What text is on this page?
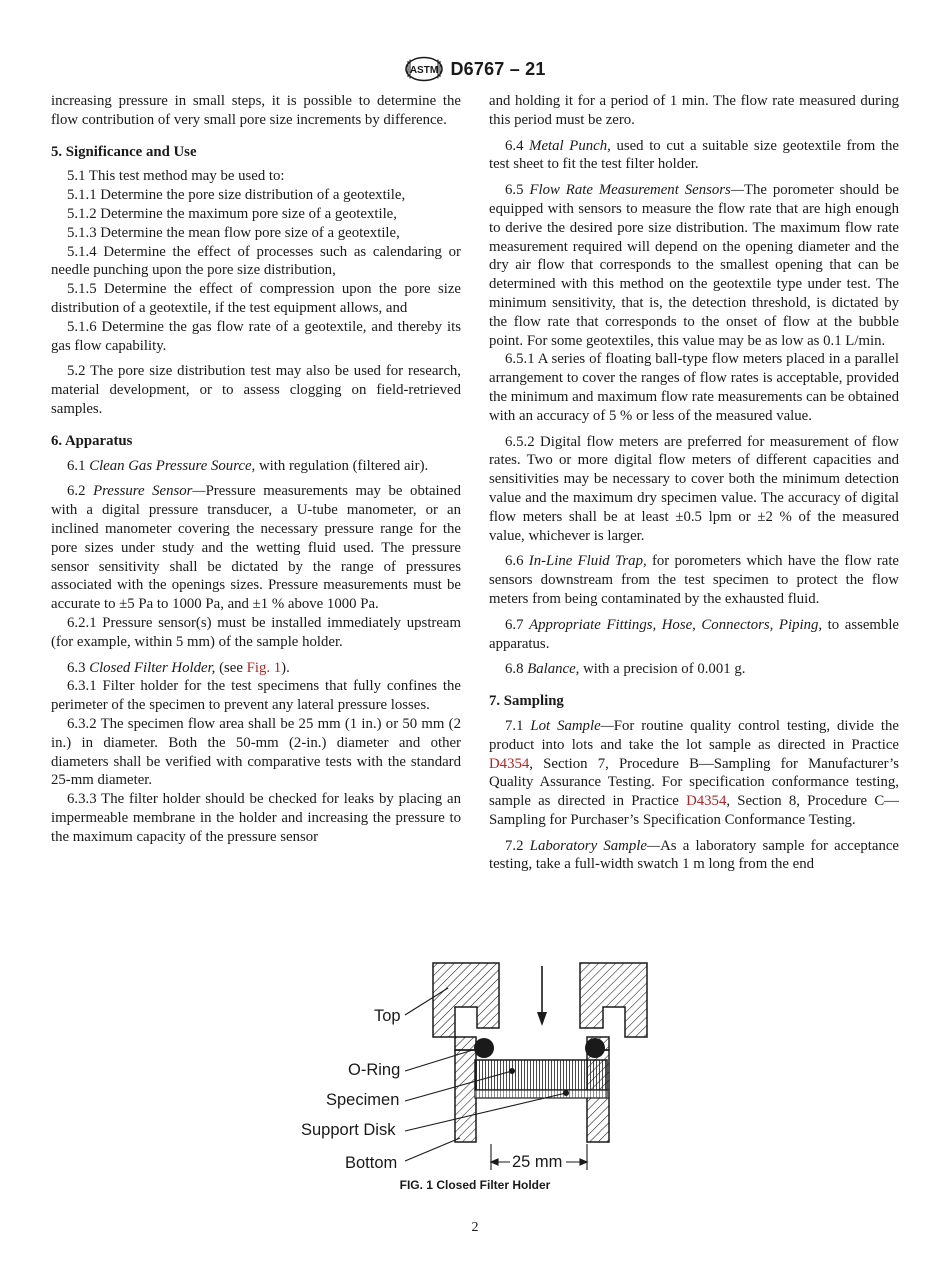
ASTM D6767 – 21

increasing pressure in small steps, it is possible to determine the flow contribution of very small pore size increments by difference.

5. Significance and Use

5.1 This test method may be used to:

5.1.1 Determine the pore size distribution of a geotextile,

5.1.2 Determine the maximum pore size of a geotextile,

5.1.3 Determine the mean flow pore size of a geotextile,

5.1.4 Determine the effect of processes such as calendaring or needle punching upon the pore size distribution,

5.1.5 Determine the effect of compression upon the pore size distribution of a geotextile, if the test equipment allows, and

5.1.6 Determine the gas flow rate of a geotextile, and thereby its gas flow capability.

5.2 The pore size distribution test may also be used for research, material development, or to assess clogging on field-retrieved samples.

6. Apparatus

6.1 Clean Gas Pressure Source, with regulation (filtered air).

6.2 Pressure Sensor—Pressure measurements may be obtained with a digital pressure transducer, a U-tube manometer, or an inclined manometer covering the necessary pressure range for the pore sizes under study and the wetting fluid used. The pressure sensor sensitivity shall be dictated by the range of pressures associated with the openings sizes. Pressure measurements must be accurate to ±5 Pa to 1000 Pa, and ±1 % above 1000 Pa.

6.2.1 Pressure sensor(s) must be installed immediately upstream (for example, within 5 mm) of the sample holder.

6.3 Closed Filter Holder, (see Fig. 1).

6.3.1 Filter holder for the test specimens that fully confines the perimeter of the specimen to prevent any lateral pressure losses.

6.3.2 The specimen flow area shall be 25 mm (1 in.) or 50 mm (2 in.) in diameter. Both the 50-mm (2-in.) diameter and other diameters shall be verified with comparative tests with the standard 25-mm diameter.

6.3.3 The filter holder should be checked for leaks by placing an impermeable membrane in the holder and increasing the pressure to the maximum capacity of the pressure sensor

and holding it for a period of 1 min. The flow rate measured during this period must be zero.

6.4 Metal Punch, used to cut a suitable size geotextile from the test sheet to fit the test filter holder.

6.5 Flow Rate Measurement Sensors—The porometer should be equipped with sensors to measure the flow rate that are high enough to derive the desired pore size distribution. The maximum flow rate measurement required will depend on the opening diameter and the dry air flow that corresponds to the smallest opening that can be determined with this method on the geotextile type under test. The minimum sensitivity, that is, the detection threshold, is dictated by the flow rate that corresponds to the onset of flow at the bubble point. For some geotextiles, this value may be as low as 0.1 L/min.

6.5.1 A series of floating ball-type flow meters placed in a parallel arrangement to cover the ranges of flow rates is acceptable, provided the minimum and maximum flow rate measurements can be obtained with an accuracy of 5 % or less of the measured value.

6.5.2 Digital flow meters are preferred for measurement of flow rates. Two or more digital flow meters of different capacities and sensitivities may be necessary to cover both the minimum detection value and the maximum dry specimen value. The accuracy of digital flow meters shall be at least ±0.5 lpm or ±2 % of the measured value, whichever is larger.

6.6 In-Line Fluid Trap, for porometers which have the flow rate sensors downstream from the test specimen to protect the flow meters from being contaminated by the exhausted fluid.

6.7 Appropriate Fittings, Hose, Connectors, Piping, to assemble apparatus.

6.8 Balance, with a precision of 0.001 g.

7. Sampling

7.1 Lot Sample—For routine quality control testing, divide the product into lots and take the lot sample as directed in Practice D4354, Section 7, Procedure B—Sampling for Manufacturer’s Quality Assurance Testing. For specification conformance testing, sample as directed in Practice D4354, Section 8, Procedure C—Sampling for Purchaser’s Specification Conformance Testing.

7.2 Laboratory Sample—As a laboratory sample for acceptance testing, take a full-width swatch 1 m long from the end

Top
O-Ring
Specimen
Support Disk
Bottom	25 mm
FIG. 1 Closed Filter Holder
2
